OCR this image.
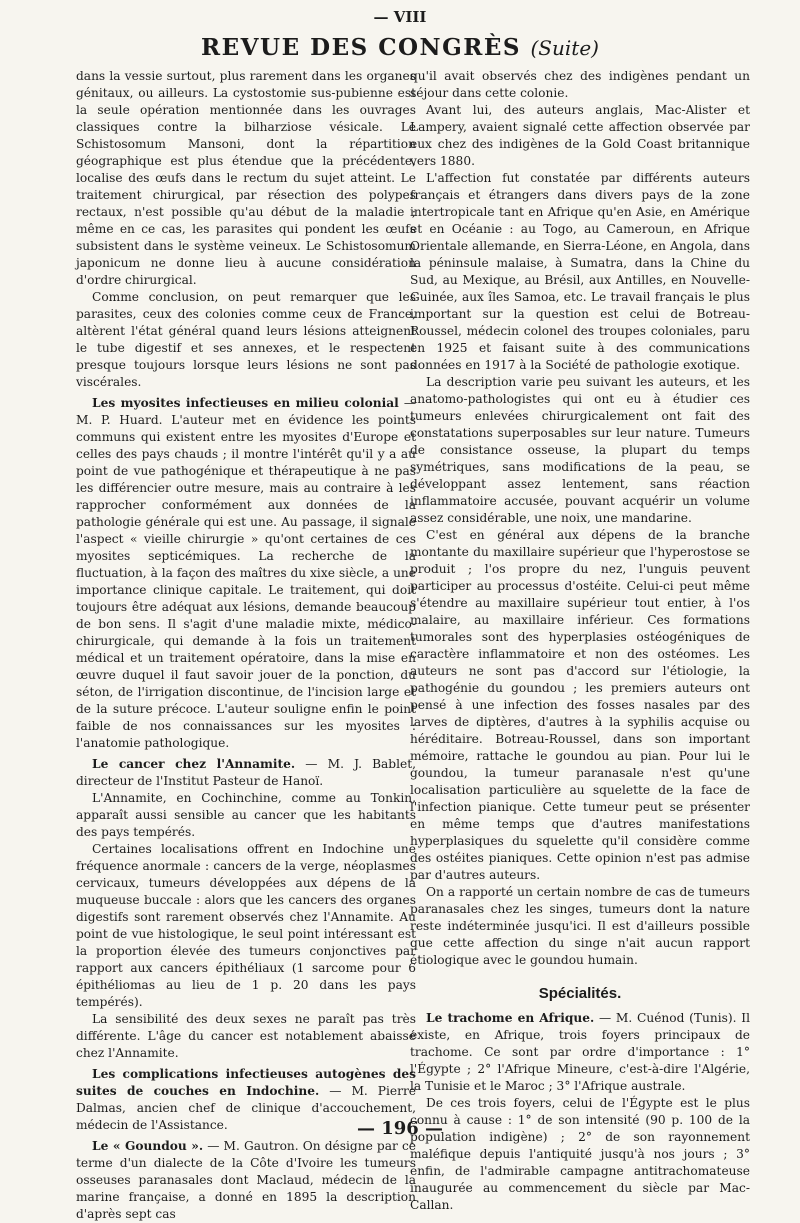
— VIII
REVUE DES CONGRÈS (Suite)

dans la vessie surtout, plus rarement dans les organes génitaux, ou ailleurs. La cystostomie sus-pubienne est la seule opération mentionnée dans les ouvrages classiques contre la bilharziose vésicale. Le Schistosomum Mansoni, dont la répartition géographique est plus étendue que la précédente, localise des œufs dans le rectum du sujet atteint. Le traitement chirurgical, par résection des polypes rectaux, n'est possible qu'au début de la maladie ; même en ce cas, les parasites qui pondent les œufs subsistent dans le système veineux. Le Schistosomum japonicum ne donne lieu à aucune considération d'ordre chirurgical.

Comme conclusion, on peut remarquer que les parasites, ceux des colonies comme ceux de France, altèrent l'état général quand leurs lésions atteignent le tube digestif et ses annexes, et le respectent presque toujours lorsque leurs lésions ne sont pas viscérales.

Les myosites infectieuses en milieu colonial — M. P. Huard. L'auteur met en évidence les points communs qui existent entre les myosites d'Europe et celles des pays chauds ; il montre l'intérêt qu'il y a au point de vue pathogénique et thérapeutique à ne pas les différencier outre mesure, mais au contraire à les rapprocher conformément aux données de la pathologie générale qui est une. Au passage, il signale l'aspect « vieille chirurgie » qu'ont certaines de ces myosites septicémiques. La recherche de la fluctuation, à la façon des maîtres du xixe siècle, a une importance clinique capitale. Le traitement, qui doit toujours être adéquat aux lésions, demande beaucoup de bon sens. Il s'agit d'une maladie mixte, médico-chirurgicale, qui demande à la fois un traitement médical et un traitement opératoire, dans la mise en œuvre duquel il faut savoir jouer de la ponction, du séton, de l'irrigation discontinue, de l'incision large et de la suture précoce. L'auteur souligne enfin le point faible de nos connaissances sur les myosites : l'anatomie pathologique.

Le cancer chez l'Annamite. — M. J. Bablet, directeur de l'Institut Pasteur de Hanoï.

L'Annamite, en Cochinchine, comme au Tonkin, apparaît aussi sensible au cancer que les habitants des pays tempérés.

Certaines localisations offrent en Indochine une fréquence anormale : cancers de la verge, néoplasmes cervicaux, tumeurs développées aux dépens de la muqueuse buccale : alors que les cancers des organes digestifs sont rarement observés chez l'Annamite. Au point de vue histologique, le seul point intéressant est la proportion élevée des tumeurs conjonctives par rapport aux cancers épithéliaux (1 sarcome pour 6 épithéliomas au lieu de 1 p. 20 dans les pays tempérés).

La sensibilité des deux sexes ne paraît pas très différente. L'âge du cancer est notablement abaissé chez l'Annamite.

Les complications infectieuses autogènes des suites de couches en Indochine. — M. Pierre Dalmas, ancien chef de clinique d'accouchement, médecin de l'Assistance.

Le « Goundou ». — M. Gautron. On désigne par ce terme d'un dialecte de la Côte d'Ivoire les tumeurs osseuses paranasales dont Maclaud, médecin de la marine française, a donné en 1895 la description d'après sept cas

qu'il avait observés chez des indigènes pendant un séjour dans cette colonie.

Avant lui, des auteurs anglais, Mac-Alister et Lampery, avaient signalé cette affection observée par eux chez des indigènes de la Gold Coast britannique vers 1880.

L'affection fut constatée par différents auteurs français et étrangers dans divers pays de la zone intertropicale tant en Afrique qu'en Asie, en Amérique et en Océanie : au Togo, au Cameroun, en Afrique Orientale allemande, en Sierra-Léone, en Angola, dans la péninsule malaise, à Sumatra, dans la Chine du Sud, au Mexique, au Brésil, aux Antilles, en Nouvelle-Guinée, aux îles Samoa, etc. Le travail français le plus important sur la question est celui de Botreau-Roussel, médecin colonel des troupes coloniales, paru en 1925 et faisant suite à des communications données en 1917 à la Société de pathologie exotique.

La description varie peu suivant les auteurs, et les anatomo-pathologistes qui ont eu à étudier ces tumeurs enlevées chirurgicalement ont fait des constatations superposables sur leur nature. Tumeurs de consistance osseuse, la plupart du temps symétriques, sans modifications de la peau, se développant assez lentement, sans réaction inflammatoire accusée, pouvant acquérir un volume assez considérable, une noix, une mandarine.

C'est en général aux dépens de la branche montante du maxillaire supérieur que l'hyperostose se produit ; l'os propre du nez, l'unguis peuvent participer au processus d'ostéite. Celui-ci peut même s'étendre au maxillaire supérieur tout entier, à l'os malaire, au maxillaire inférieur. Ces formations tumorales sont des hyperplasies ostéogéniques de caractère inflammatoire et non des ostéomes. Les auteurs ne sont pas d'accord sur l'étiologie, la pathogénie du goundou ; les premiers auteurs ont pensé à une infection des fosses nasales par des larves de diptères, d'autres à la syphilis acquise ou héréditaire. Botreau-Roussel, dans son important mémoire, rattache le goundou au pian. Pour lui le goundou, la tumeur paranasale n'est qu'une localisation particulière au squelette de la face de l'infection pianique. Cette tumeur peut se présenter en même temps que d'autres manifestations hyperplasiques du squelette qu'il considère comme des ostéites pianiques. Cette opinion n'est pas admise par d'autres auteurs.

On a rapporté un certain nombre de cas de tumeurs paranasales chez les singes, tumeurs dont la nature reste indéterminée jusqu'ici. Il est d'ailleurs possible que cette affection du singe n'ait aucun rapport étiologique avec le goundou humain.

Spécialités.

Le trachome en Afrique. — M. Cuénod (Tunis). Il existe, en Afrique, trois foyers principaux de trachome. Ce sont par ordre d'importance : 1° l'Égypte ; 2° l'Afrique Mineure, c'est-à-dire l'Algérie, la Tunisie et le Maroc ; 3° l'Afrique australe.

De ces trois foyers, celui de l'Égypte est le plus connu à cause : 1° de son intensité (90 p. 100 de la population indigène) ; 2° de son rayonnement maléfique depuis l'antiquité jusqu'à nos jours ; 3° enfin, de l'admirable campagne antitrachomateuse inaugurée au commencement du siècle par Mac-Callan.

— 196 —
